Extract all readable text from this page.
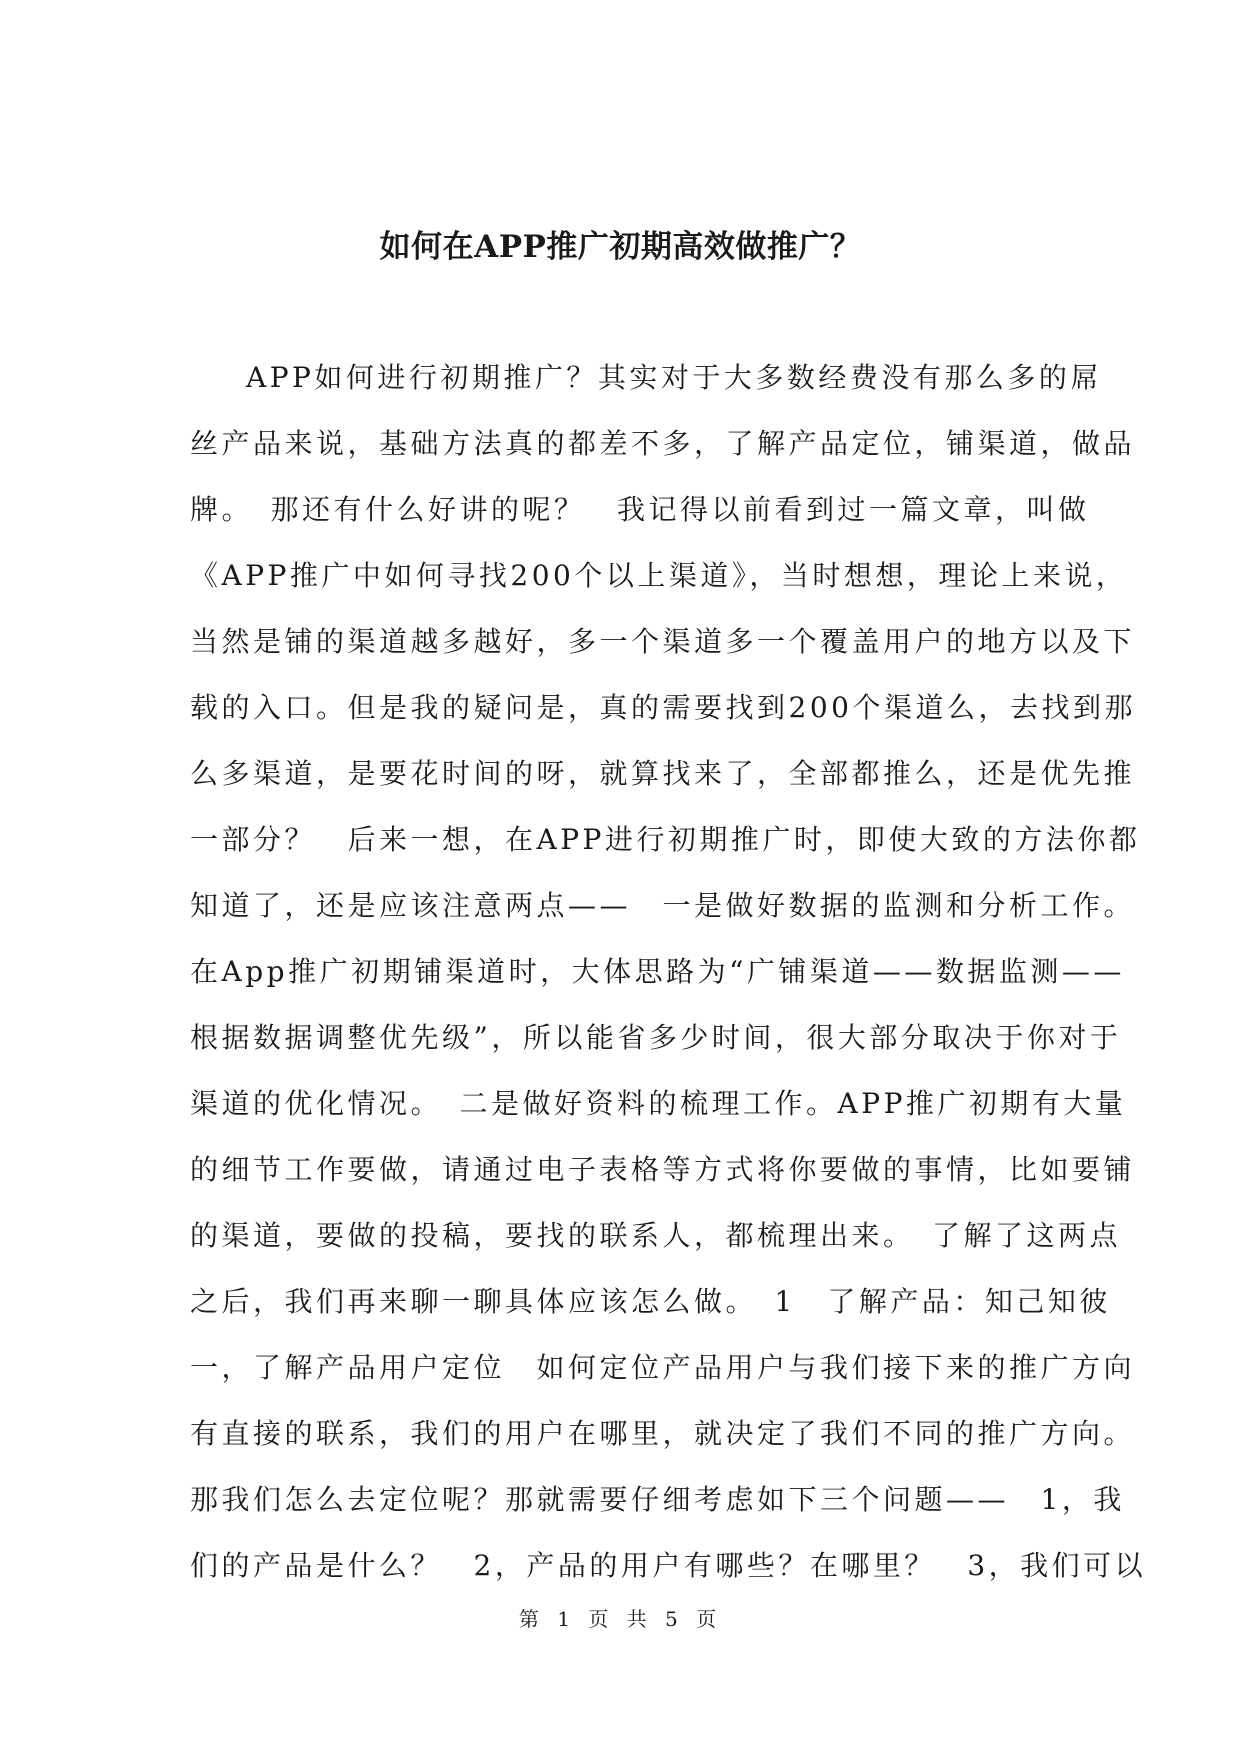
如何在APP推广初期高效做推广？
APP如何进行初期推广？其实对于大多数经费没有那么多的屌
丝产品来说，基础方法真的都差不多，了解产品定位，铺渠道，做品
牌。　那还有什么好讲的呢？　我记得以前看到过一篇文章，叫做
《APP推广中如何寻找200个以上渠道》，当时想想，理论上来说，
当然是铺的渠道越多越好，多一个渠道多一个覆盖用户的地方以及下
载的入口。但是我的疑问是，真的需要找到200个渠道么，去找到那
么多渠道，是要花时间的呀，就算找来了，全部都推么，还是优先推
一部分？　后来一想，在APP进行初期推广时，即使大致的方法你都
知道了，还是应该注意两点——　一是做好数据的监测和分析工作。
在App推广初期铺渠道时，大体思路为“广铺渠道——数据监测——
根据数据调整优先级”，所以能省多少时间，很大部分取决于你对于
渠道的优化情况。　二是做好资料的梳理工作。APP推广初期有大量
的细节工作要做，请通过电子表格等方式将你要做的事情，比如要铺
的渠道，要做的投稿，要找的联系人，都梳理出来。　了解了这两点
之后，我们再来聊一聊具体应该怎么做。　1　了解产品：知己知彼
一，了解产品用户定位　如何定位产品用户与我们接下来的推广方向
有直接的联系，我们的用户在哪里，就决定了我们不同的推广方向。
那我们怎么去定位呢？那就需要仔细考虑如下三个问题——　1，我
们的产品是什么？　2，产品的用户有哪些？在哪里？　3，我们可以
第 1 页 共 5 页
